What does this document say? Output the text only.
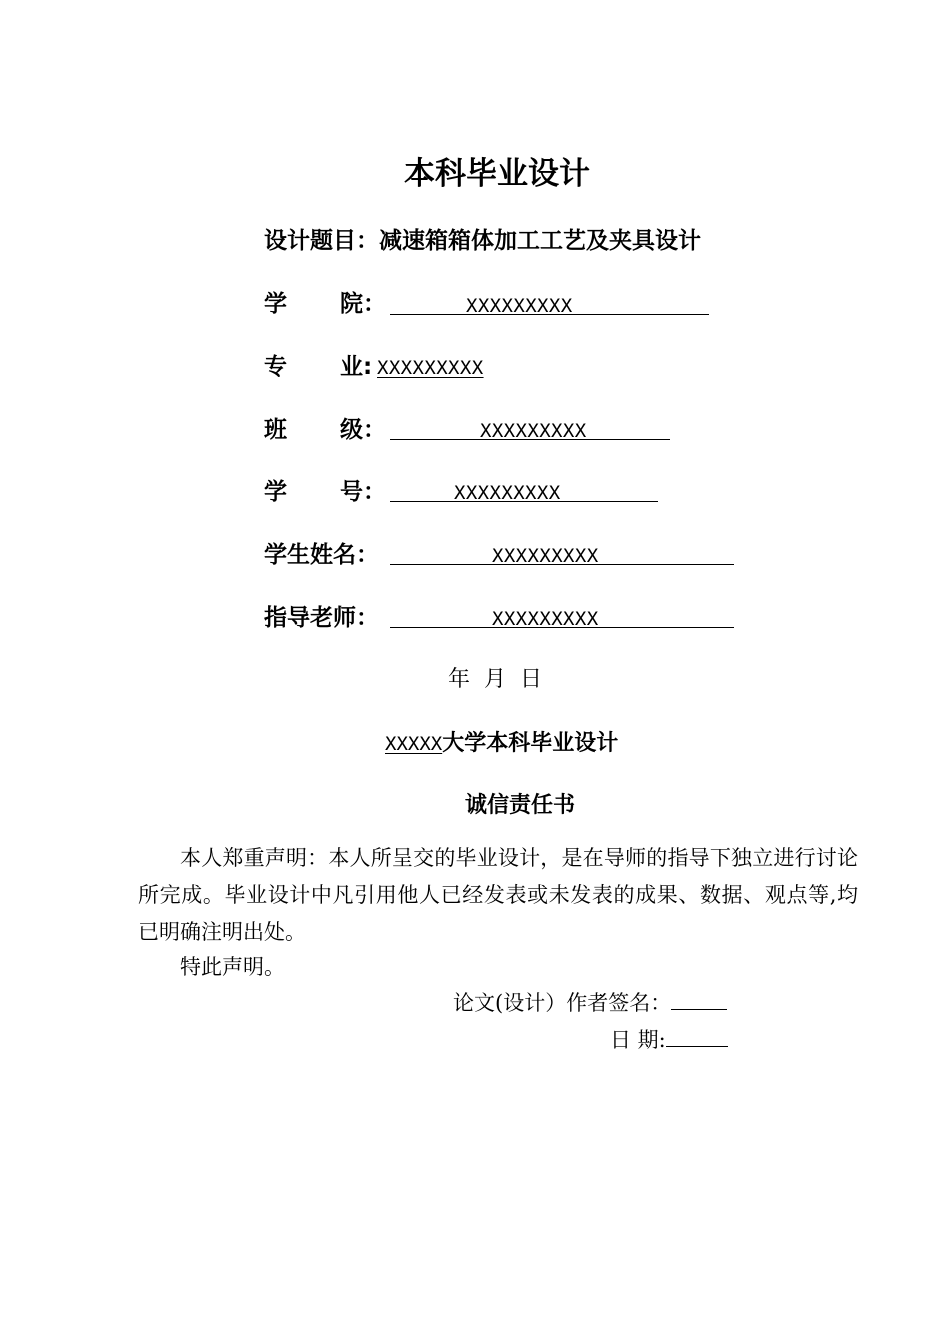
本科毕业设计
设计题目：减速箱箱体加工工艺及夹具设计
学 院：	XXXXXXXXX
专 业: XXXXXXXXX
班 级：	XXXXXXXXX
学 号：	XXXXXXXXX
学生姓名：	XXXXXXXXX
指导老师：	XXXXXXXXX
年 月 日
XXXXX大学本科毕业设计
诚信责任书

本人郑重声明：本人所呈交的毕业设计，是在导师的指导下独立进行讨论所完成。毕业设计中凡引用他人已经发表或未发表的成果、数据、观点等,均已明确注明出处。

特此声明。
论文(设计）作者签名：
日 期:
